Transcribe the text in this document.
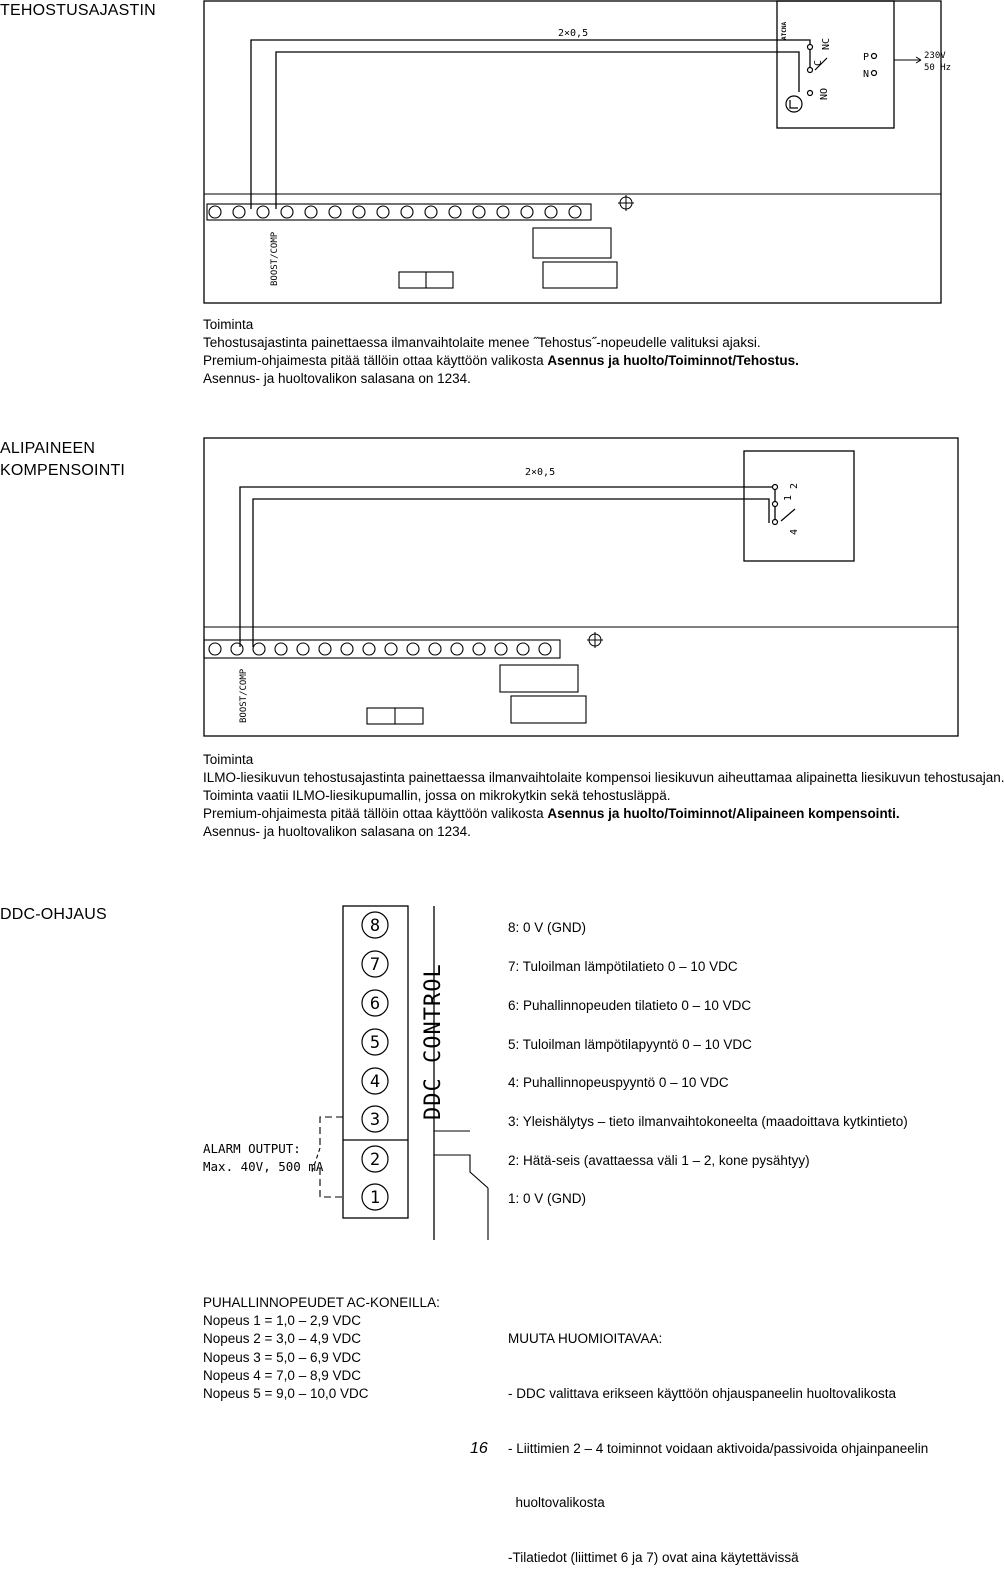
TEHOSTUSAJASTIN
2×0,5	ATCNA
NO
C
NC
P
N
230V
50 Hz
BOOST/COMP
Toiminta
Tehostusajastinta painettaessa ilmanvaihtolaite menee ˝Tehostus˝-nopeudelle valituksi ajaksi.
Premium-ohjaimesta pitää tällöin ottaa käyttöön valikosta Asennus ja huolto/Toiminnot/Tehostus.
Asennus- ja huoltovalikon salasana on 1234.
ALIPAINEEN
KOMPENSOINTI	2×0,5
4
1
2
BOOST/COMP
Toiminta
ILMO-liesikuvun tehostusajastinta painettaessa ilmanvaihtolaite kompensoi liesikuvun aiheuttamaa alipainetta liesikuvun tehostusajan.
Toiminta vaatii ILMO-liesikupumallin, jossa on mikrokytkin sekä tehostusläppä.
Premium-ohjaimesta pitää tällöin ottaa käyttöön valikosta Asennus ja huolto/Toiminnot/Alipaineen kompensointi.
Asennus- ja huoltovalikon salasana on 1234.
DDC-OHJAUS
1
2
3
4
5
6
7
8
DDC CONTROL
ALARM OUTPUT:
Max. 40V, 500 mA
8: 0 V (GND)
7: Tuloilman lämpötilatieto 0 – 10 VDC
6: Puhallinnopeuden tilatieto 0 – 10 VDC
5: Tuloilman lämpötilapyyntö 0 – 10 VDC
4: Puhallinnopeuspyyntö 0 – 10 VDC
3: Yleishälytys – tieto ilmanvaihtokoneelta (maadoittava kytkintieto)
2: Hätä-seis (avattaessa väli 1 – 2, kone pysähtyy)
1: 0 V (GND)
PUHALLINNOPEUDET AC-KONEILLA:
Nopeus 1 = 1,0 – 2,9 VDC
Nopeus 2 = 3,0 – 4,9 VDC
Nopeus 3 = 5,0 – 6,9 VDC
Nopeus 4 = 7,0 – 8,9 VDC
Nopeus 5 = 9,0 – 10,0 VDC

MUUTA HUOMIOITAVAA:

- DDC valittava erikseen käyttöön ohjauspaneelin huoltovalikosta

- Liittimien 2 – 4 toiminnot voidaan aktivoida/passivoida ohjainpaneelin

huoltovalikosta

-Tilatiedot (liittimet 6 ja 7) ovat aina käytettävissä

16
